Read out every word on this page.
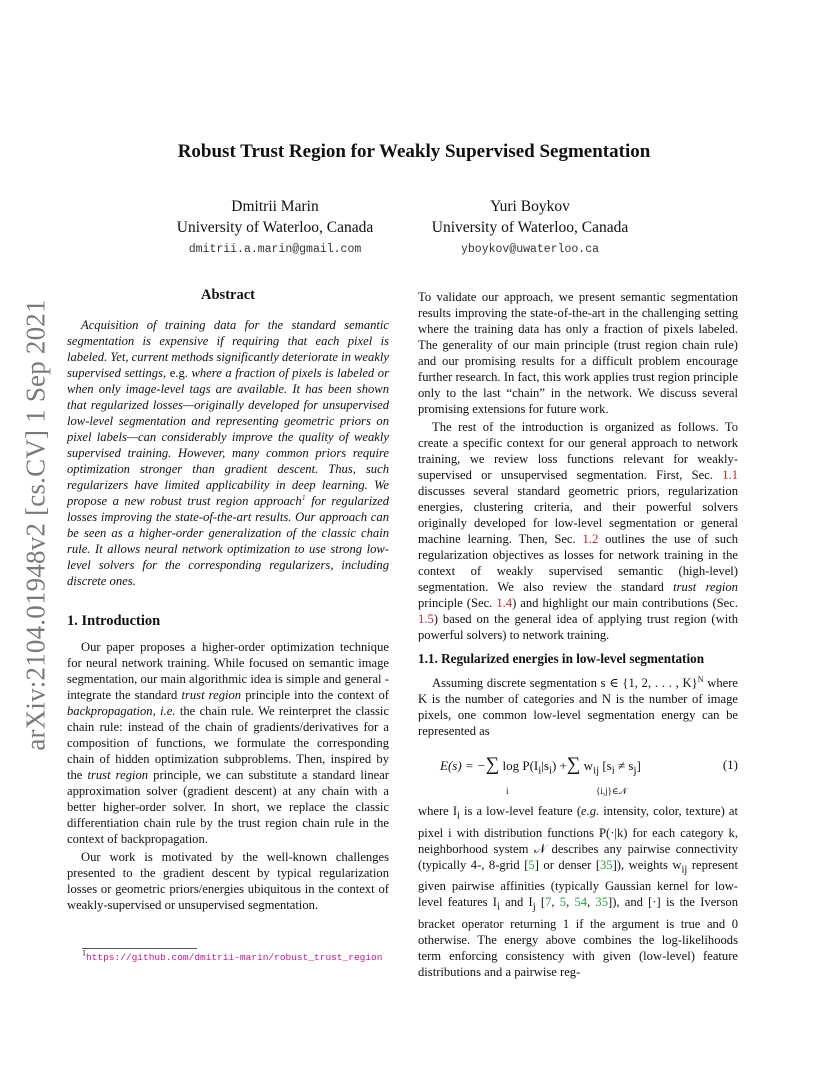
arXiv:2104.01948v2 [cs.CV] 1 Sep 2021
Robust Trust Region for Weakly Supervised Segmentation
Dmitrii Marin
University of Waterloo, Canada
dmitrii.a.marin@gmail.com
Yuri Boykov
University of Waterloo, Canada
yboykov@uwaterloo.ca
Abstract

Acquisition of training data for the standard semantic segmentation is expensive if requiring that each pixel is labeled. Yet, current methods significantly deteriorate in weakly supervised settings, e.g. where a fraction of pixels is labeled or when only image-level tags are available. It has been shown that regularized losses—originally developed for unsupervised low-level segmentation and representing geometric priors on pixel labels—can considerably improve the quality of weakly supervised training. However, many common priors require optimization stronger than gradient descent. Thus, such regularizers have limited applicability in deep learning. We propose a new robust trust region approach$^1$ for regularized losses improving the state-of-the-art results. Our approach can be seen as a higher-order generalization of the classic chain rule. It allows neural network optimization to use strong low-level solvers for the corresponding regularizers, including discrete ones.

1. Introduction

Our paper proposes a higher-order optimization technique for neural network training. While focused on semantic image segmentation, our main algorithmic idea is simple and general - integrate the standard trust region principle into the context of backpropagation, i.e. the chain rule. We reinterpret the classic chain rule: instead of the chain of gradients/derivatives for a composition of functions, we formulate the corresponding chain of hidden optimization subproblems. Then, inspired by the trust region principle, we can substitute a standard linear approximation solver (gradient descent) at any chain with a better higher-order solver. In short, we replace the classic differentiation chain rule by the trust region chain rule in the context of backpropagation.

Our work is motivated by the well-known challenges presented to the gradient descent by typical regularization losses or geometric priors/energies ubiquitous in the context of weakly-supervised or unsupervised segmentation.

$^1$https://github.com/dmitrii-marin/robust_trust_region

To validate our approach, we present semantic segmentation results improving the state-of-the-art in the challenging setting where the training data has only a fraction of pixels labeled. The generality of our main principle (trust region chain rule) and our promising results for a difficult problem encourage further research. In fact, this work applies trust region principle only to the last “chain” in the network. We discuss several promising extensions for future work.

The rest of the introduction is organized as follows. To create a specific context for our general approach to network training, we review loss functions relevant for weakly-supervised or unsupervised segmentation. First, Sec. 1.1 discusses several standard geometric priors, regularization energies, clustering criteria, and their powerful solvers originally developed for low-level segmentation or general machine learning. Then, Sec. 1.2 outlines the use of such regularization objectives as losses for network training in the context of weakly supervised semantic (high-level) segmentation. We also review the standard trust region principle (Sec. 1.4) and highlight our main contributions (Sec. 1.5) based on the general idea of applying trust region (with powerful solvers) to network training.

1.1. Regularized energies in low-level segmentation

Assuming discrete segmentation s ∈ {1, 2, . . . , K}$^N$ where K is the number of categories and N is the number of image pixels, one common low-level segmentation energy can be represented as

E(s) = −∑ $\log P(I_i|s_i)$ +∑ $w_{ij}$ $[s_i \ne s_j]$
i	{i,j}∈𝒩
(1)

where $I_i$ is a low-level feature (e.g. intensity, color, texture) at pixel i with distribution functions P(·|k) for each category k, neighborhood system 𝒩 describes any pairwise connectivity (typically 4-, 8-grid [5] or denser [35]), weights $w_{ij}$ represent given pairwise affinities (typically Gaussian kernel for low-level features $I_i$ and $I_j$ [7, 5, 54, 35]), and [·] is the Iverson bracket operator returning 1 if the argument is true and 0 otherwise. The energy above combines the log-likelihoods term enforcing consistency with given (low-level) feature distributions and a pairwise reg-
